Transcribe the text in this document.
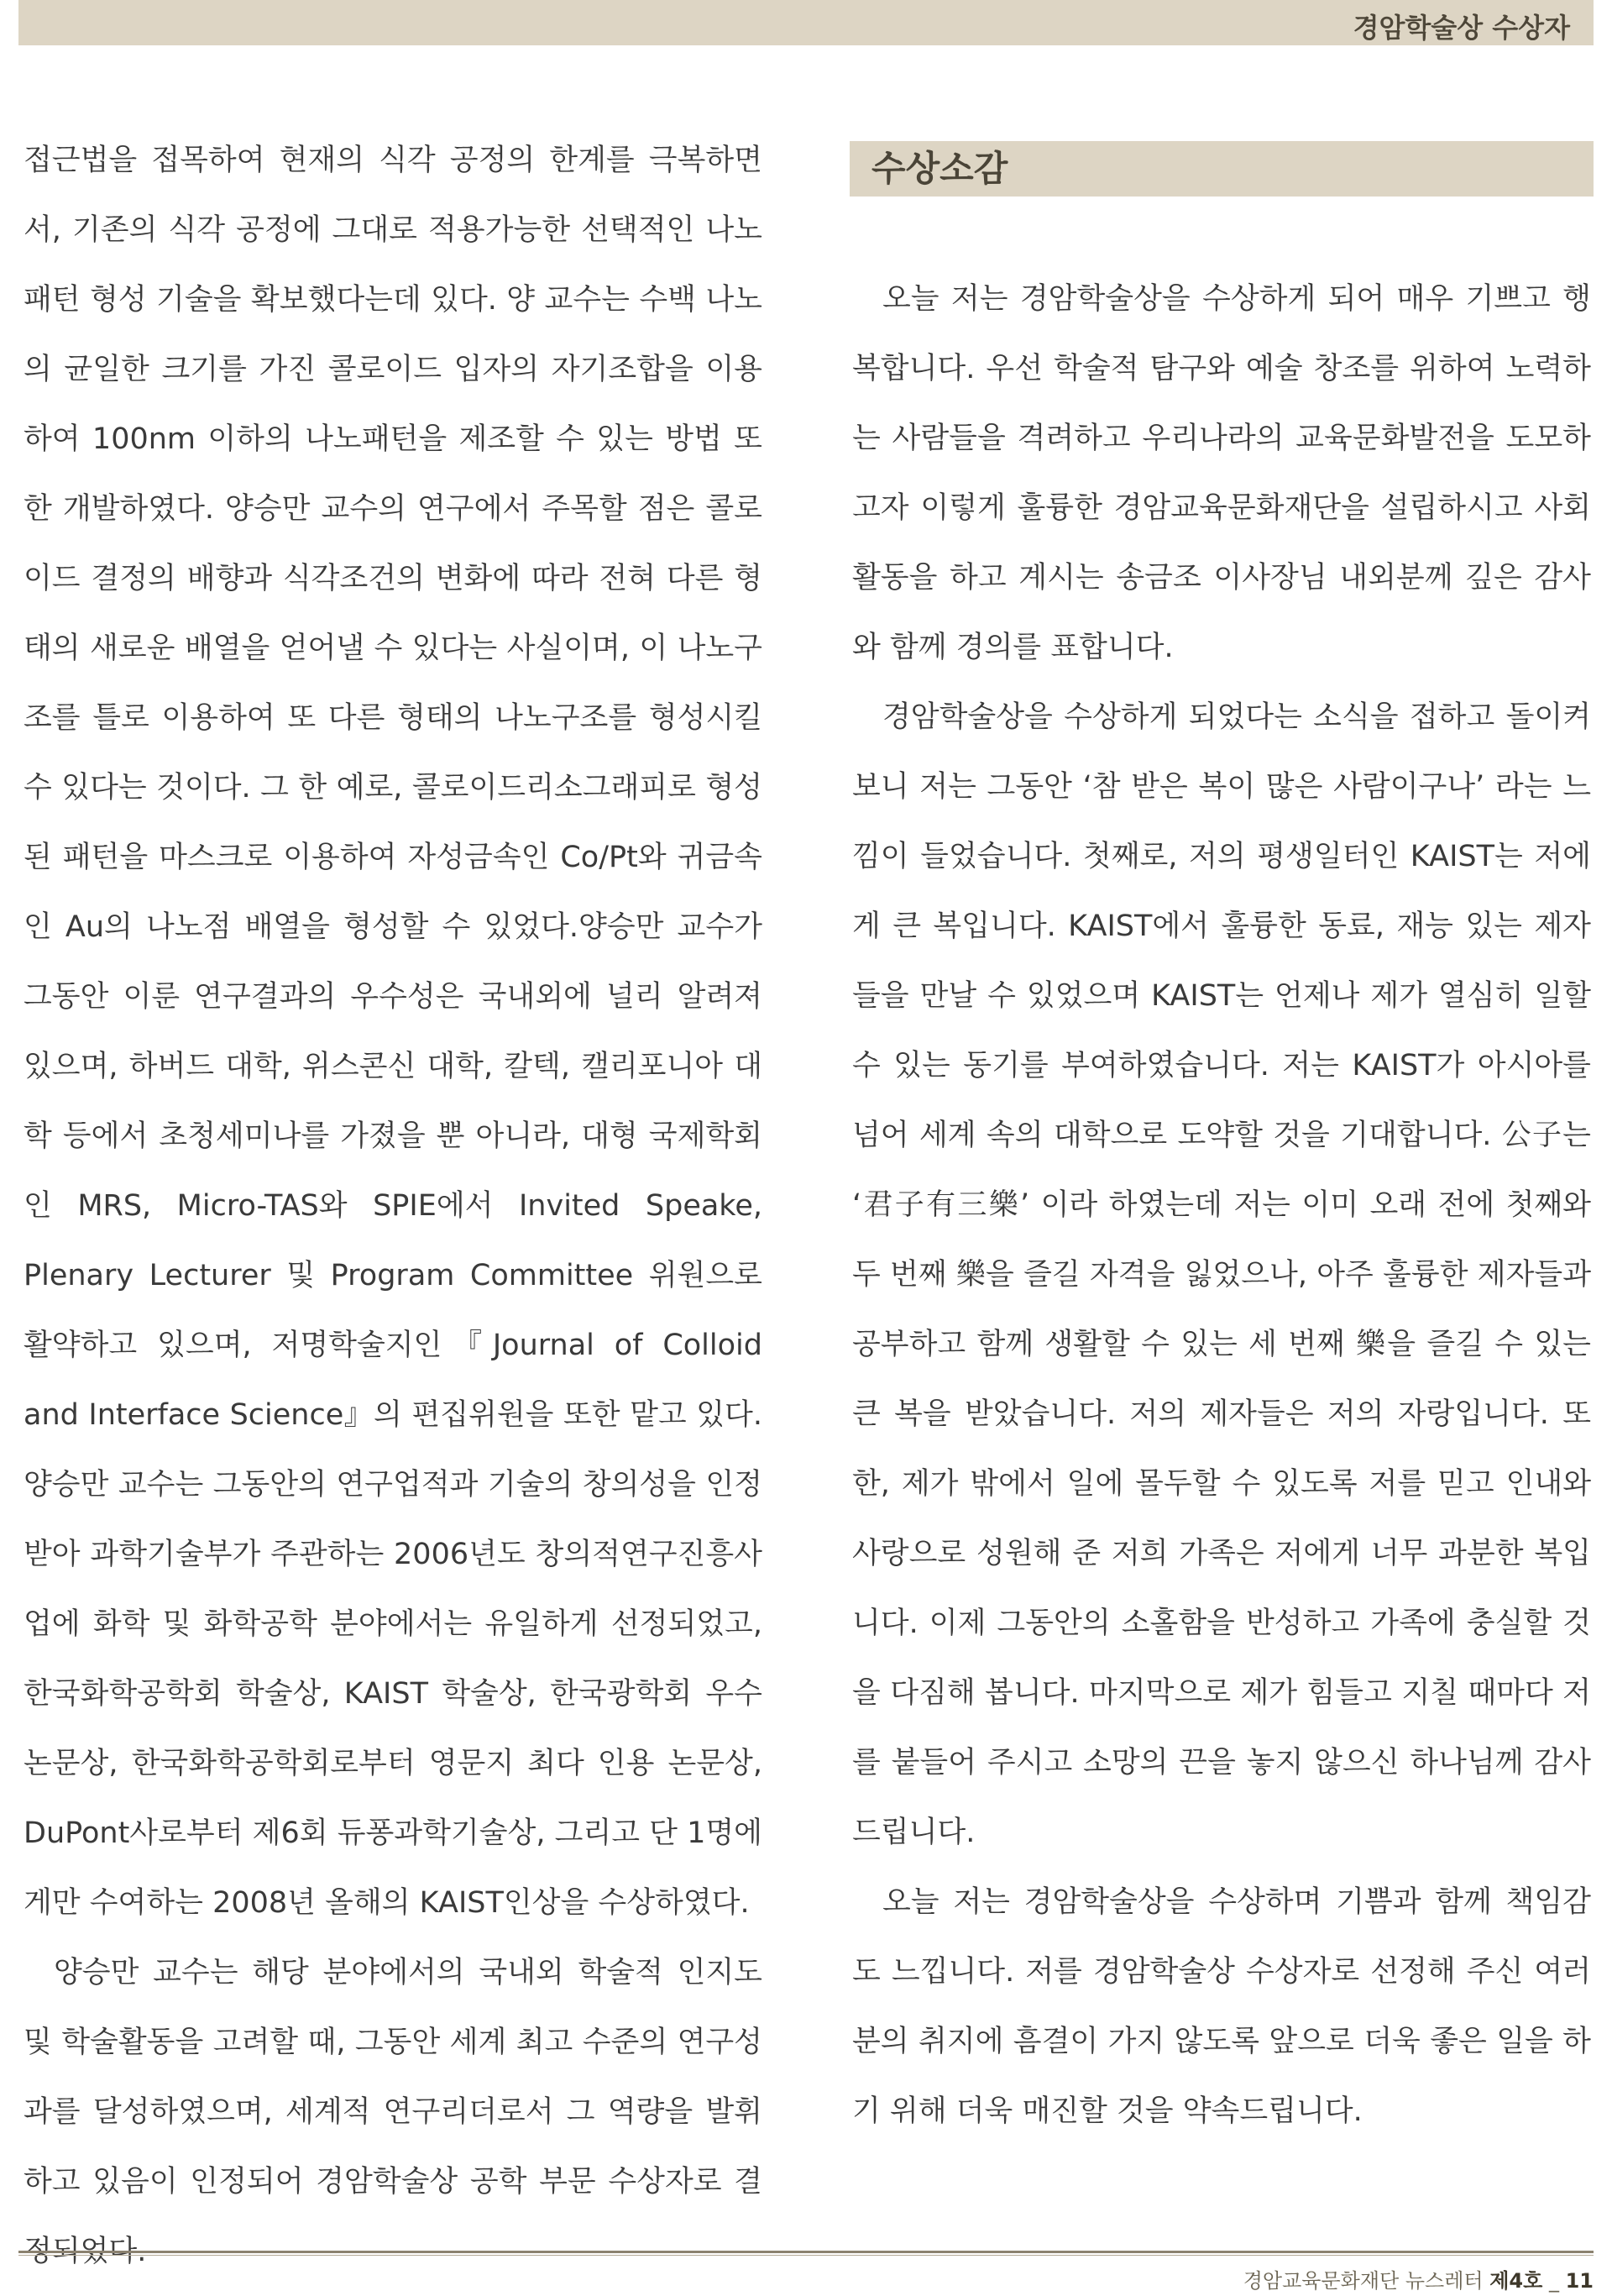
경암학술상 수상자

접근법을 접목하여 현재의 식각 공정의 한계를 극복하면서, 기존의 식각 공정에 그대로 적용가능한 선택적인 나노패턴 형성 기술을 확보했다는데 있다. 양 교수는 수백 나노의 균일한 크기를 가진 콜로이드 입자의 자기조합을 이용하여 100nm 이하의 나노패턴을 제조할 수 있는 방법 또한 개발하였다. 양승만 교수의 연구에서 주목할 점은 콜로이드 결정의 배향과 식각조건의 변화에 따라 전혀 다른 형태의 새로운 배열을 얻어낼 수 있다는 사실이며, 이 나노구조를 틀로 이용하여 또 다른 형태의 나노구조를 형성시킬 수 있다는 것이다. 그 한 예로, 콜로이드리소그래피로 형성된 패턴을 마스크로 이용하여 자성금속인 Co/Pt와 귀금속인 Au의 나노점 배열을 형성할 수 있었다.양승만 교수가 그동안 이룬 연구결과의 우수성은 국내외에 널리 알려져 있으며, 하버드 대학, 위스콘신 대학, 칼텍, 캘리포니아 대학 등에서 초청세미나를 가졌을 뿐 아니라, 대형 국제학회인 MRS, Micro-TAS와 SPIE에서 Invited Speake, Plenary Lecturer 및 Program Committee 위원으로 활약하고 있으며, 저명학술지인『Journal of Colloid and Interface Science』의 편집위원을 또한 맡고 있다. 양승만 교수는 그동안의 연구업적과 기술의 창의성을 인정받아 과학기술부가 주관하는 2006년도 창의적연구진흥사업에 화학 및 화학공학 분야에서는 유일하게 선정되었고, 한국화학공학회 학술상, KAIST 학술상, 한국광학회 우수논문상, 한국화학공학회로부터 영문지 최다 인용 논문상, DuPont사로부터 제6회 듀퐁과학기술상, 그리고 단 1명에게만 수여하는 2008년 올해의 KAIST인상을 수상하였다.

양승만 교수는 해당 분야에서의 국내외 학술적 인지도 및 학술활동을 고려할 때, 그동안 세계 최고 수준의 연구성과를 달성하였으며, 세계적 연구리더로서 그 역량을 발휘하고 있음이 인정되어 경암학술상 공학 부문 수상자로 결정되었다.

수상소감

오늘 저는 경암학술상을 수상하게 되어 매우 기쁘고 행복합니다. 우선 학술적 탐구와 예술 창조를 위하여 노력하는 사람들을 격려하고 우리나라의 교육문화발전을 도모하고자 이렇게 훌륭한 경암교육문화재단을 설립하시고 사회활동을 하고 계시는 송금조 이사장님 내외분께 깊은 감사와 함께 경의를 표합니다.

경암학술상을 수상하게 되었다는 소식을 접하고 돌이켜 보니 저는 그동안 ‘참 받은 복이 많은 사람이구나’ 라는 느낌이 들었습니다. 첫째로, 저의 평생일터인 KAIST는 저에게 큰 복입니다. KAIST에서 훌륭한 동료, 재능 있는 제자들을 만날 수 있었으며 KAIST는 언제나 제가 열심히 일할 수 있는 동기를 부여하였습니다. 저는 KAIST가 아시아를 넘어 세계 속의 대학으로 도약할 것을 기대합니다. 公子는 ‘君子有三樂’ 이라 하였는데 저는 이미 오래 전에 첫째와 두 번째 樂을 즐길 자격을 잃었으나, 아주 훌륭한 제자들과 공부하고 함께 생활할 수 있는 세 번째 樂을 즐길 수 있는 큰 복을 받았습니다. 저의 제자들은 저의 자랑입니다. 또한, 제가 밖에서 일에 몰두할 수 있도록 저를 믿고 인내와 사랑으로 성원해 준 저희 가족은 저에게 너무 과분한 복입니다. 이제 그동안의 소홀함을 반성하고 가족에 충실할 것을 다짐해 봅니다. 마지막으로 제가 힘들고 지칠 때마다 저를 붙들어 주시고 소망의 끈을 놓지 않으신 하나님께 감사드립니다.

오늘 저는 경암학술상을 수상하며 기쁨과 함께 책임감도 느낍니다. 저를 경암학술상 수상자로 선정해 주신 여러분의 취지에 흠결이 가지 않도록 앞으로 더욱 좋은 일을 하기 위해 더욱 매진할 것을 약속드립니다.

경암교육문화재단 뉴스레터 제4호 _ 11
